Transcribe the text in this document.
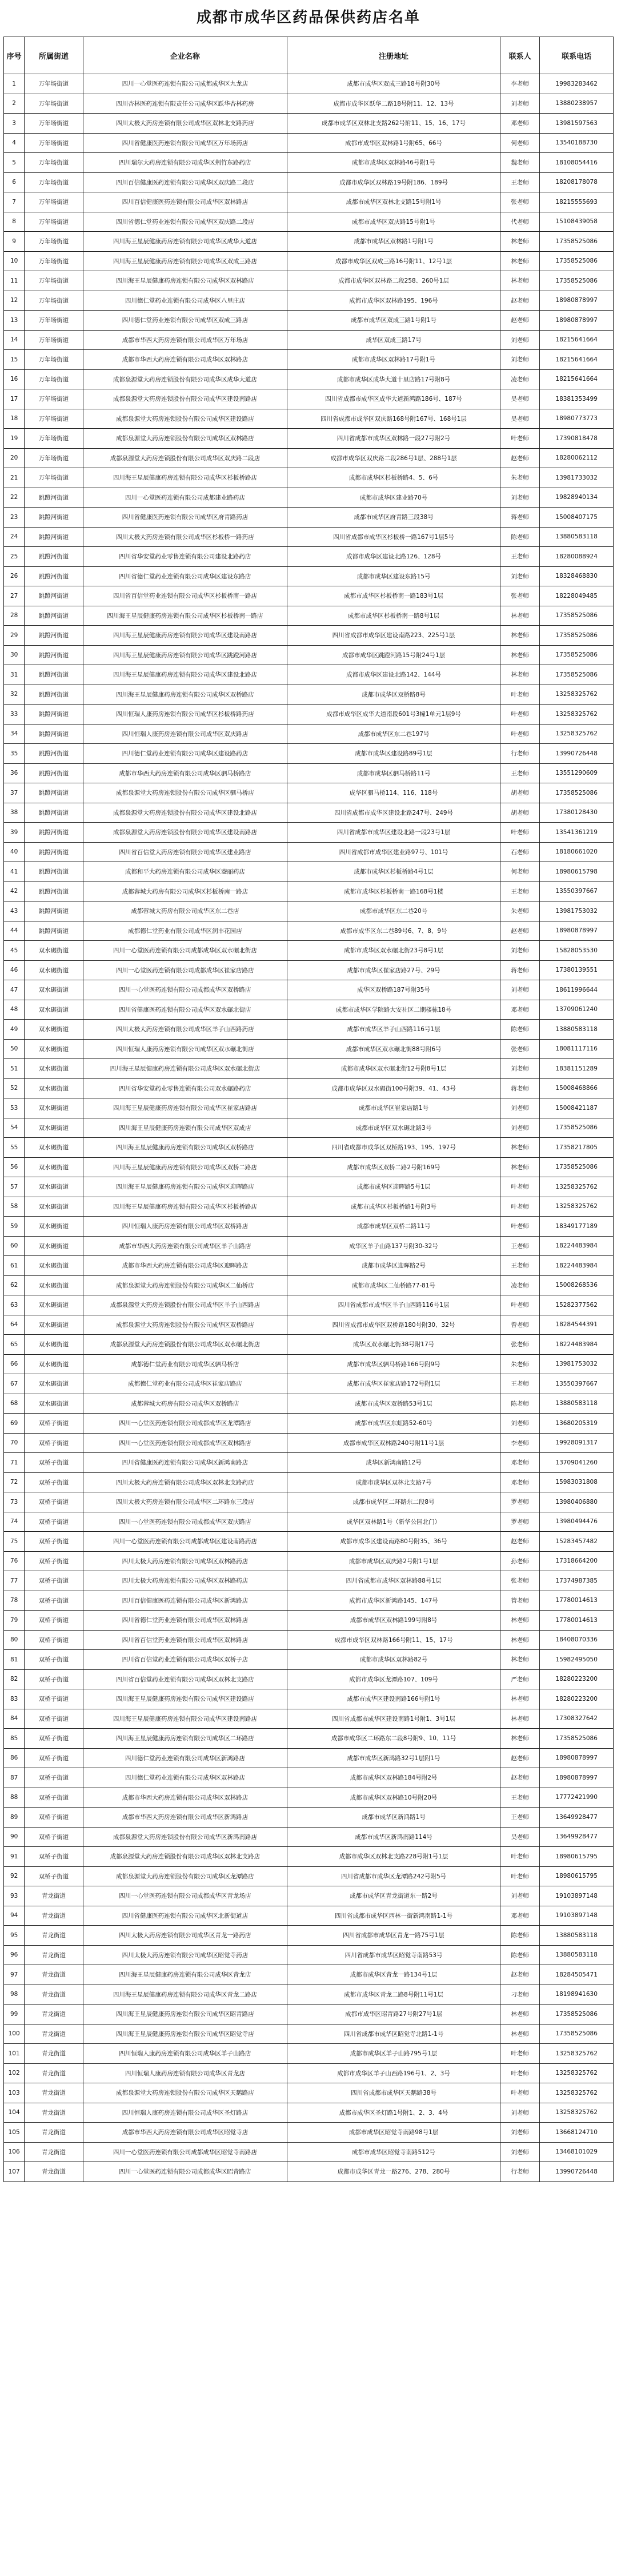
成都市成华区药品保供药店名单
序号	所属街道	企业名称	注册地址	联系人	联系电话
1	万年场街道	四川一心堂医药连锁有限公司成都成华区九龙店	成都市成华区双成三路18号附30号	李老师	19983283462
2	万年场街道	四川杏林医药连锁有限责任公司成华区跃华杏林药房	成都市成华区跃华二路18号附11、12、13号	刘老师	13880238957
3	万年场街道	四川太极大药房连锁有限公司成华区双林北支路药店	成都市成华区双林北支路262号附11、15、16、17号	邓老师	13981597563
4	万年场街道	四川省健康医药连锁有限公司成华区万年场药店	成都市成华区双林路1号附65、66号	何老师	13540188730
5	万年场街道	四川瑞尔大药房连锁有限公司成华区荆竹东路药店	成都市成华区双林路46号附1号	魏老师	18108054416
6	万年场街道	四川百信健康医药连锁有限公司成华区双庆路二段店	成都市成华区双林路19号附186、189号	王老师	18208178078
7	万年场街道	四川百信健康医药连锁有限公司成华区双林路店	成都市成华区双林北支路15号附1号	张老师	18215555693
8	万年场街道	四川省德仁堂药业连锁有限公司成华区双庆路二段店	成都市成华区双庆路15号附1号	代老师	15108439058
9	万年场街道	四川海王星辰健康药房连锁有限公司成华区成华大道店	成都市成华区双林路1号附1号	林老师	17358525086
10	万年场街道	四川海王星辰健康药房连锁有限公司成华区双成三路店	成都市成华区双成三路16号附11、12号1层	林老师	17358525086
11	万年场街道	四川海王星辰健康药房连锁有限公司成华区双林路店	成都市成华区双林路二段258、260号1层	林老师	17358525086
12	万年场街道	四川德仁堂药业连锁有限公司成华区八里庄店	成都市成华区双林路195、196号	赵老师	18980878997
13	万年场街道	四川德仁堂药业连锁有限公司成华区双成三路店	成都市成华区双成三路1号附1号	赵老师	18980878997
14	万年场街道	成都市华西大药房连锁有限公司成华区万年场店	成华区双成三路17号	刘老师	18215641664
15	万年场街道	成都市华西大药房连锁有限公司成华区双林路店	成都市成华区双林路17号附1号	刘老师	18215641664
16	万年场街道	成都泉源堂大药房连锁股份有限公司成华区成华大道店	成都市成华区成华大道十里店路17号附8号	凌老师	18215641664
17	万年场街道	成都泉源堂大药房连锁股份有限公司成华区建设南路店	四川省成都市成华区成华大道新鸿路186号、187号	吴老师	18381353499
18	万年场街道	成都泉源堂大药房连锁股份有限公司成华区建设路店	四川省成都市成华区双庆路168号附167号、168号1层	吴老师	18980773773
19	万年场街道	成都泉源堂大药房连锁股份有限公司成华区双林路店	四川省成都市成华区双林路一段27号附2号	叶老师	17390818478
20	万年场街道	成都泉源堂大药房连锁股份有限公司成华区双庆路二段店	成都市成华区双庆路二段286号1层、288号1层	赵老师	18280062112
21	万年场街道	四川海王星辰健康药房连锁有限公司成华区杉板桥路店	成都市成华区杉板桥路4、5、6号	朱老师	13981733032
22	跳蹬河街道	四川一心堂医药连锁有限公司成都建业路药店	成都市成华区建业路70号	刘老师	19828940134
23	跳蹬河街道	四川省健康医药连锁有限公司成华区府青路药店	成都市成华区府青路三段38号	蒋老师	15008407175
24	跳蹬河街道	四川太极大药房连锁有限公司成华区杉板桥一路药店	四川省成都市成华区杉板桥一路167号1层5号	陈老师	13880583118
25	跳蹬河街道	四川省华安堂药业零售连锁有限公司建设北路药店	成都市成华区建设北路126、128号	王老师	18280088924
26	跳蹬河街道	四川省德仁堂药业连锁有限公司成华区建设东路店	成都市成华区建设东路15号	刘老师	18328468830
27	跳蹬河街道	四川省百信堂药业连锁有限公司成华区杉板桥南一路店	成都市成华区杉板桥南一路183号1层	张老师	18228049485
28	跳蹬河街道	四川海王星辰健康药房连锁有限公司成华区杉板桥南一路店	成都市成华区杉板桥南一路8号1层	林老师	17358525086
29	跳蹬河街道	四川海王星辰健康药房连锁有限公司成华区建设南路店	四川省成都市成华区建设南路223、225号1层	林老师	17358525086
30	跳蹬河街道	四川海王星辰健康药房连锁有限公司成华区跳蹬河路店	成都市成华区跳蹬河路15号附24号1层	林老师	17358525086
31	跳蹬河街道	四川海王星辰健康药房连锁有限公司成华区建设北路店	成都市成华区建设北路142、144号	林老师	17358525086
32	跳蹬河街道	四川海王星辰健康药房连锁有限公司成华区双桥路店	成都市成华区双桥路8号	叶老师	13258325762
33	跳蹬河街道	四川恒瑞人康药房连锁有限公司成华区杉板桥路药店	成都市成华区成华大道南段601号3幢1单元1层9号	叶老师	13258325762
34	跳蹬河街道	四川恒瑞人康药房连锁有限公司成华区双庆路店	成都市成华区东二巷197号	叶老师	13258325762
35	跳蹬河街道	四川德仁堂药业连锁有限公司成华区建设路药店	成都市成华区建设路89号1层	行老师	13990726448
36	跳蹬河街道	成都市华西大药房连锁有限公司成华区驷马桥路店	成都市成华区驷马桥路11号	王老师	13551290609
37	跳蹬河街道	成都泉源堂大药房连锁股份有限公司成华区驷马桥店	成华区驷马桥114、116、118号	胡老师	17358525086
38	跳蹬河街道	成都泉源堂大药房连锁股份有限公司成华区建设北路店	四川省成都市成华区建设北路247号、249号	胡老师	17380128430
39	跳蹬河街道	成都泉源堂大药房连锁股份有限公司成华区建设南路店	四川省成都市成华区建设北路一段23号1层	叶老师	13541361219
40	跳蹬河街道	四川省百信堂大药房连锁有限公司成华区建业路店	四川省成都市成华区建业路97号、101号	石老师	18180661020
41	跳蹬河街道	成都和平大药房连锁有限公司成华区蓥丽药店	成都市成华区杉板桥路4号1层	何老师	18980615798
42	跳蹬河街道	成都蓉城大药房有限公司成华区杉板桥南一路店	成都市成华区杉板桥南一路168号1楼	王老师	13550397667
43	跳蹬河街道	成都蓉城大药房有限公司成华区东二巷店	成都市成华区东二巷20号	朱老师	13981753032
44	跳蹬河街道	成都德仁堂药业有限公司成华区润丰花园店	成都市成华区东二巷89号6、7、8、9号	赵老师	18980878997
45	双水碾街道	四川一心堂医药连锁有限公司成都成华区双水碾北街店	成都市成华区双水碾北街23号8号1层	刘老师	15828053530
46	双水碾街道	四川一心堂医药连锁有限公司成都成华区崔家店路店	成都市成华区崔家店路27号、29号	蒋老师	17380139551
47	双水碾街道	四川一心堂医药连锁有限公司成都成华区双桥路店	成华区双桥路187号附35号	刘老师	18611996644
48	双水碾街道	四川省健康医药连锁有限公司成华区双水碾北街店	成都市成华区学院路大安社区二期楼栋18号	邓老师	13709061240
49	双水碾街道	四川太极大药房连锁有限公司成华区羊子山西路药店	成都市成华区羊子山西路116号1层	陈老师	13880583118
50	双水碾街道	四川恒瑞人康药房连锁有限公司成华区双水碾北街店	成都市成华区双水碾北街88号附6号	张老师	18081117116
51	双水碾街道	四川海王星辰健康药房连锁有限公司成华区双水碾北街店	成都市成华区双水碾北街12号附8号1层	刘老师	18381151289
52	双水碾街道	四川省华安堂药业零售连锁有限公司双水碾路药店	成都市成华区双水碾街100号附39、41、43号	蒋老师	15008468866
53	双水碾街道	四川海王星辰健康药房连锁有限公司成华区崔家店路店	成都市成华区崔家店路1号	刘老师	15008421187
54	双水碾街道	四川海王星辰健康药房连锁有限公司成华区双成店	成都市成华区双水碾北路3号	刘老师	17358525086
55	双水碾街道	四川海王星辰健康药房连锁有限公司成华区双桥路店	四川省成都市成华区双桥路193、195、197号	林老师	17358217805
56	双水碾街道	四川海王星辰健康药房连锁有限公司成华区双桥二路店	成都市成华区双桥二路2号附169号	林老师	17358525086
57	双水碾街道	四川海王星辰健康药房连锁有限公司成华区迎晖路店	成都市成华区迎晖路5号1层	叶老师	13258325762
58	双水碾街道	四川海王星辰健康药房连锁有限公司成华区杉板桥路店	成都市成华区杉板桥路1号附3号	叶老师	13258325762
59	双水碾街道	四川恒瑞人康药房连锁有限公司成华区双桥路店	成都市成华区双桥二路11号	叶老师	18349177189
60	双水碾街道	成都市华西大药房连锁有限公司成华区羊子山路店	成华区羊子山路137号附30-32号	王老师	18224483984
61	双水碾街道	成都市华西大药房连锁有限公司成华区迎晖路店	成都市成华区迎晖路2号	王老师	18224483984
62	双水碾街道	成都泉源堂大药房连锁股份有限公司成华区二仙桥店	成都市成华区二仙桥路77-81号	凌老师	15008268536
63	双水碾街道	成都泉源堂大药房连锁股份有限公司成华区羊子山西路店	四川省成都市成华区羊子山西路116号1层	叶老师	15282377562
64	双水碾街道	成都泉源堂大药房连锁股份有限公司成华区双桥路店	四川省成都市成华区双桥路180号附30、32号	曾老师	18284544391
65	双水碾街道	成都泉源堂大药房连锁股份有限公司成华区双水碾北街店	成华区双水碾北街38号附17号	张老师	18224483984
66	双水碾街道	成都德仁堂药业有限公司成华区驷马桥店	成都市成华区驷马桥路166号附9号	朱老师	13981753032
67	双水碾街道	成都德仁堂药业有限公司成华区崔家店路店	成都市成华区崔家店路172号附1层	王老师	13550397667
68	双水碾街道	成都蓉城大药房有限公司成华区双桥路店	成都市成华区双桥路53号1层	陈老师	13880583118
69	双桥子街道	四川一心堂医药连锁有限公司成都成华区龙潭路店	成都市成华区东虹路52-60号	刘老师	13680205319
70	双桥子街道	四川一心堂医药连锁有限公司成都成华区双林路店	成都市成华区双林路240号附11号1层	李老师	19928091317
71	双桥子街道	四川省健康医药连锁有限公司成华区新鸿南路店	成华区新鸿南路12号	邓老师	13709041260
72	双桥子街道	四川太极大药房连锁有限公司成华区双林北支路药店	成都市成华区双林北支路7号	邓老师	15983031808
73	双桥子街道	四川太极大药房连锁有限公司成华区二环路东三段店	成都市成华区二环路东二段8号	罗老师	13980406880
74	双桥子街道	四川一心堂医药连锁有限公司成都成华区双庆路店	成华区双林路1号（新华公园北门）	罗老师	13980494476
75	双桥子街道	四川一心堂医药连锁有限公司成都成华区建设南路药店	成都市成华区建设南路80号附35、36号	赵老师	15283457482
76	双桥子街道	四川太极大药房连锁有限公司成华区双林路药店	成都市成华区双庆路2号附1号1层	孙老师	17318664200
77	双桥子街道	四川太极大药房连锁有限公司成华区双林路药店	四川省成都市成华区双林路88号1层	张老师	17374987385
78	双桥子街道	四川百信健康医药连锁有限公司成华区新鸿路店	成都市成华区新鸿路145、147号	管老师	17780014613
79	双桥子街道	四川省德仁堂药业连锁有限公司成华区双林路店	成都市成华区双林路199号附8号	林老师	17780014613
80	双桥子街道	四川省百信堂药业连锁有限公司成华区双林路店	成都市成华区双林路166号附11、15、17号	林老师	18408070336
81	双桥子街道	四川省百信堂药业连锁有限公司成华区双桥子店	成都市成华区双林路82号	林老师	15982495050
82	双桥子街道	四川省百信堂药业连锁有限公司成华区双林北支路店	成都市成华区龙潭路107、109号	严老师	18280223200
83	双桥子街道	四川海王星辰健康药房连锁有限公司成华区建设路店	成都市成华区建设南路166号附1号	林老师	18280223200
84	双桥子街道	四川海王星辰健康药房连锁有限公司成华区建设南路店	四川省成都市成华区建设南路1号附1、3号1层	林老师	17308327642
85	双桥子街道	四川海王星辰健康药房连锁有限公司成华区二环路店	成都市成华区二环路东二段8号附9、10、11号	林老师	17358525086
86	双桥子街道	四川德仁堂药业连锁有限公司成华区新鸿路店	成都市成华区新鸿路32号1层附1号	赵老师	18980878997
87	双桥子街道	四川德仁堂药业连锁有限公司成华区双林路店	成都市成华区双林路184号附2号	赵老师	18980878997
88	双桥子街道	成都市华西大药房连锁有限公司成华区双林路店	成都市成华区双林路10号附20号	王老师	17772421990
89	双桥子街道	成都市华西大药房连锁有限公司成华区新鸿路店	成都市成华区新鸿路1号	王老师	13649928477
90	双桥子街道	成都泉源堂大药房连锁股份有限公司成华区新鸿南路店	成都市成华区新鸿南路114号	吴老师	13649928477
91	双桥子街道	成都泉源堂大药房连锁股份有限公司成华区双林北支路店	成都市成华区双林北支路228号附1号1层	叶老师	18980615795
92	双桥子街道	成都泉源堂大药房连锁股份有限公司成华区龙潭路店	四川省成都市成华区龙潭路242号附5号	叶老师	18980615795
93	青龙街道	四川一心堂医药连锁有限公司成都成华区青龙场店	成都市成华区青龙街道东一路2号	刘老师	19103897148
94	青龙街道	四川省健康医药连锁有限公司成华区北新街道店	四川省成都市成华区西林一街新鸿南路1-1号	邓老师	19103897148
95	青龙街道	四川太极大药房连锁有限公司成华区青龙一路药店	四川省成都市成华区青龙一路75号1层	陈老师	13880583118
96	青龙街道	四川太极大药房连锁有限公司成华区昭觉寺药店	四川省成都市成华区昭觉寺南路53号	陈老师	13880583118
97	青龙街道	四川海王星辰健康药房连锁有限公司成华区青龙店	成都市成华区青龙一路134号1层	赵老师	18284505471
98	青龙街道	四川海王星辰健康药房连锁有限公司成华区青龙二路店	成都市成华区青龙二路8号附11号1层	刁老师	18198941630
99	青龙街道	四川海王星辰健康药房连锁有限公司成华区昭青路店	成都市成华区昭青路27号附27号1层	林老师	17358525086
100	青龙街道	四川海王星辰健康药房连锁有限公司成华区昭觉寺店	四川省成都市成华区昭觉寺北路1-1号	林老师	17358525086
101	青龙街道	四川恒瑞人康药房连锁有限公司成华区羊子山路店	成都市成华区羊子山路795号1层	叶老师	13258325762
102	青龙街道	四川恒瑞人康药房连锁有限公司成华区青龙店	成都市成华区羊子山西路196号1、2、3号	叶老师	13258325762
103	青龙街道	成都泉源堂大药房连锁股份有限公司成华区天鹅路店	四川省成都市成华区天鹅路38号	叶老师	13258325762
104	青龙街道	四川恒瑞人康药房连锁有限公司成华区圣灯路店	成都市成华区圣灯路1号附1、2、3、4号	刘老师	13258325762
105	青龙街道	成都市华西大药房连锁有限公司成华区昭觉寺店	成都市成华区昭觉寺南路98号1层	刘老师	13668124710
106	青龙街道	四川一心堂医药连锁有限公司成都成华区昭觉寺南路店	成都市成华区昭觉寺南路512号	刘老师	13468101029
107	青龙街道	四川一心堂医药连锁有限公司成都成华区昭青路店	成都市成华区青龙一路276、278、280号	行老师	13990726448
